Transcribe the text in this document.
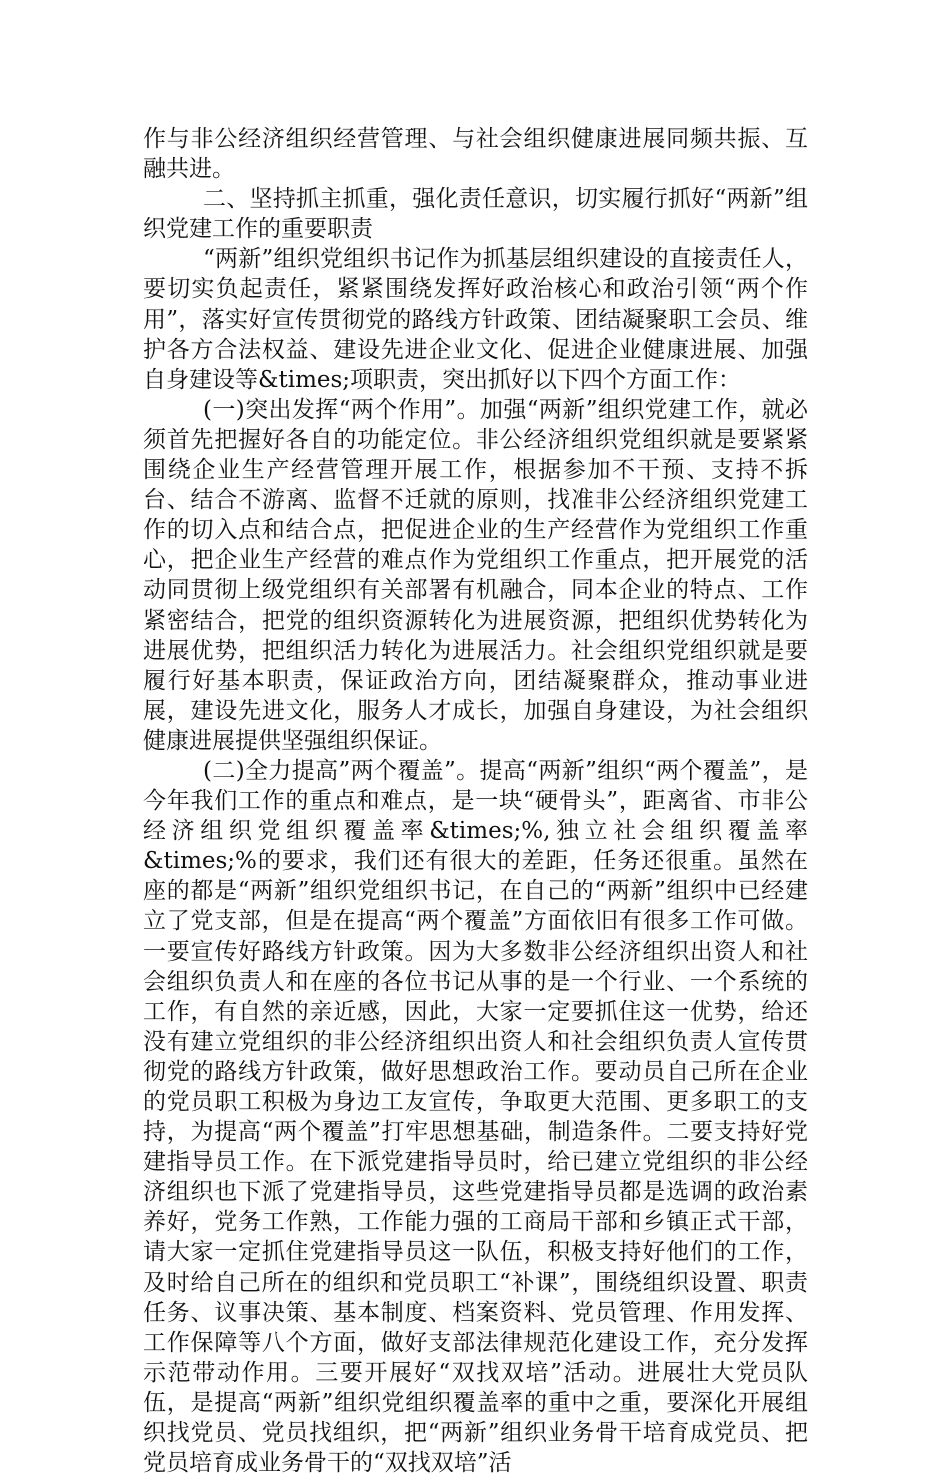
作与非公经济组织经营管理、与社会组织健康进展同频共振、互融共进。

二、坚持抓主抓重，强化责任意识，切实履行抓好“两新”组织党建工作的重要职责

“两新”组织党组织书记作为抓基层组织建设的直接责任人，要切实负起责任，紧紧围绕发挥好政治核心和政治引领“两个作用”，落实好宣传贯彻党的路线方针政策、团结凝聚职工会员、维护各方合法权益、建设先进企业文化、促进企业健康进展、加强自身建设等&times;项职责，突出抓好以下四个方面工作：

(一)突出发挥“两个作用”。加强“两新”组织党建工作，就必须首先把握好各自的功能定位。非公经济组织党组织就是要紧紧围绕企业生产经营管理开展工作，根据参加不干预、支持不拆台、结合不游离、监督不迁就的原则，找准非公经济组织党建工作的切入点和结合点，把促进企业的生产经营作为党组织工作重心，把企业生产经营的难点作为党组织工作重点，把开展党的活动同贯彻上级党组织有关部署有机融合，同本企业的特点、工作紧密结合，把党的组织资源转化为进展资源，把组织优势转化为进展优势，把组织活力转化为进展活力。社会组织党组织就是要履行好基本职责，保证政治方向，团结凝聚群众，推动事业进展，建设先进文化，服务人才成长，加强自身建设，为社会组织健康进展提供坚强组织保证。

(二)全力提高”两个覆盖”。提高“两新”组织“两个覆盖”，是今年我们工作的重点和难点，是一块“硬骨头”，距离省、市非公经济组织党组织覆盖率&times;%,独立社会组织覆盖率&times;%的要求，我们还有很大的差距，任务还很重。虽然在座的都是“两新”组织党组织书记，在自己的“两新”组织中已经建立了党支部，但是在提高“两个覆盖”方面依旧有很多工作可做。一要宣传好路线方针政策。因为大多数非公经济组织出资人和社会组织负责人和在座的各位书记从事的是一个行业、一个系统的工作，有自然的亲近感，因此，大家一定要抓住这一优势，给还没有建立党组织的非公经济组织出资人和社会组织负责人宣传贯彻党的路线方针政策，做好思想政治工作。要动员自己所在企业的党员职工积极为身边工友宣传，争取更大范围、更多职工的支持，为提高“两个覆盖”打牢思想基础，制造条件。二要支持好党建指导员工作。在下派党建指导员时，给已建立党组织的非公经济组织也下派了党建指导员，这些党建指导员都是选调的政治素养好，党务工作熟，工作能力强的工商局干部和乡镇正式干部，请大家一定抓住党建指导员这一队伍，积极支持好他们的工作，及时给自己所在的组织和党员职工“补课”，围绕组织设置、职责任务、议事决策、基本制度、档案资料、党员管理、作用发挥、工作保障等八个方面，做好支部法律规范化建设工作，充分发挥示范带动作用。三要开展好“双找双培”活动。进展壮大党员队伍，是提高“两新”组织党组织覆盖率的重中之重，要深化开展组织找党员、党员找组织，把“两新”组织业务骨干培育成党员、把党员培育成业务骨干的“双找双培”活
